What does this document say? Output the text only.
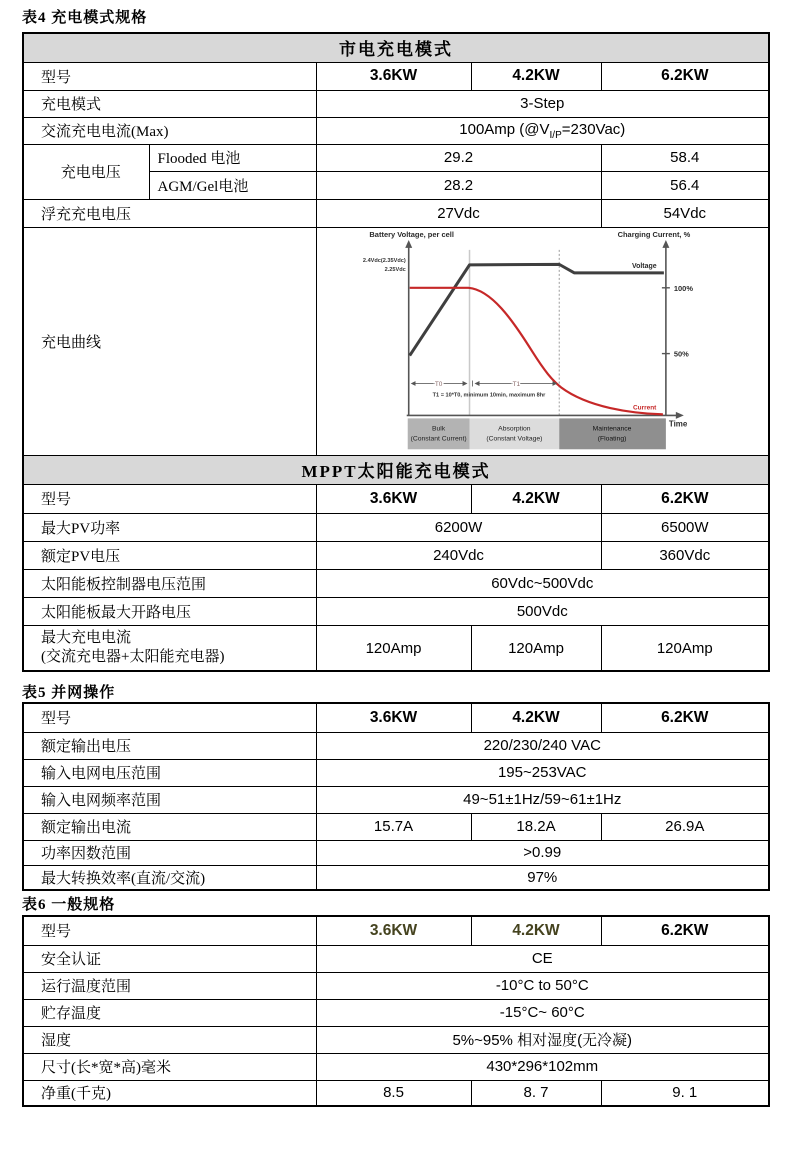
表4 充电模式规格
市电充电模式				
型号		3.6KW	4.2KW	6.2KW
充电模式		3-Step		
交流充电电流(Max)		100Amp $(@V_{I/P}=230Vac)$		
充电电压	Flooded 电池	29.2		58.4
	AGM/Gel电池	28.2		56.4
浮充充电电压		27Vdc		54Vdc
充电曲线	
100%
50%
Battery Voltage, per cell	Charging Current, %
2.4Vdc(2.35Vdc)
2.25Vdc	Voltage
Current
T0	T1
T1 = 10*T0, minimum 10min, maximum 8hr
Bulk
(Constant Current)
Absorption
(Constant Voltage)
Maintenance
(Floating)
Time

MPPT太阳能充电模式				
型号		3.6KW	4.2KW	6.2KW
最大PV功率		6200W		6500W
额定PV电压		240Vdc		360Vdc
太阳能板控制器电压范围		60Vdc~500Vdc		
太阳能板最大开路电压		500Vdc		

最大充电电流
(交流充电器+太阳能充电器)		120Amp	120Amp	120Amp
表5 并网操作
型号	3.6KW	4.2KW	6.2KW
额定输出电压	220/230/240 VAC		
输入电网电压范围	195~253VAC		
输入电网频率范围	49~51±1Hz/59~61±1Hz		
额定输出电流	15.7A	18.2A	26.9A
功率因数范围	>0.99		
最大转换效率(直流/交流)	97%		
表6 一般规格
型号	3.6KW	4.2KW	6.2KW
安全认证	CE		
运行温度范围	-10°C to 50°C		
贮存温度	-15°C~ 60°C		
湿度	5%~95% 相对湿度(无冷凝)		
尺寸(长*宽*高)毫米	430*296*102mm		
净重(千克)	8.5	8. 7	9. 1
